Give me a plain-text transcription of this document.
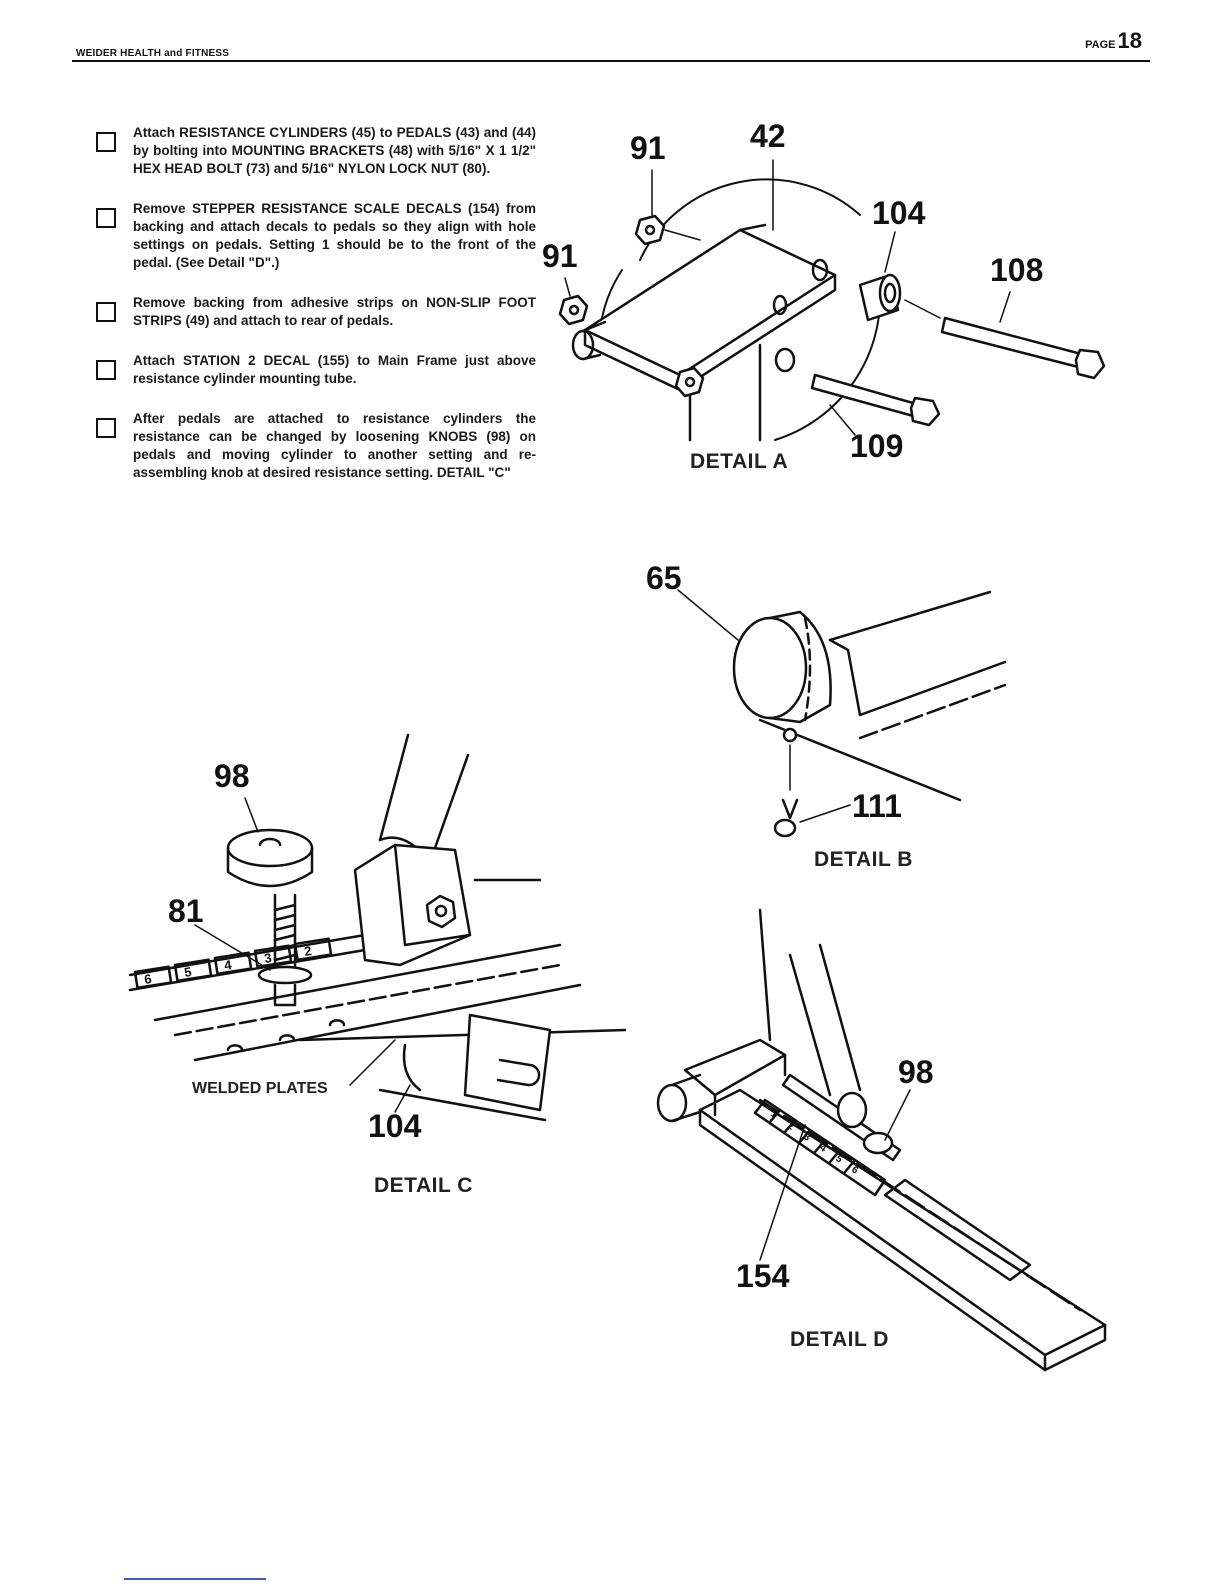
WEIDER HEALTH and FITNESS
PAGE18
Attach RESISTANCE CYLINDERS (45) to PEDALS (43) and (44) by bolting into MOUNTING BRACKETS (48) with 5/16" X 1 1/2" HEX HEAD BOLT (73) and 5/16" NYLON LOCK NUT (80).
Remove STEPPER RESISTANCE SCALE DECALS (154) from backing and attach decals to pedals so they align with hole settings on pedals. Setting 1 should be to the front of the pedal. (See Detail "D".)
Remove backing from adhesive strips on NON-SLIP FOOT STRIPS (49) and attach to rear of pedals.
Attach STATION 2 DECAL (155) to Main Frame just above resistance cylinder mounting tube.
After pedals are attached to resistance cylinders the resistance can be changed by loosening KNOBS (98) on pedals and moving cylinder to another setting and re-assembling knob at desired resistance setting. DETAIL "C"
6 5 4 3 2
1
2
3
4
5
6
91	42
104
108
91
109
DETAIL A
65
111
DETAIL B
98
81
WELDED PLATES
104
DETAIL C
98
154
DETAIL D
